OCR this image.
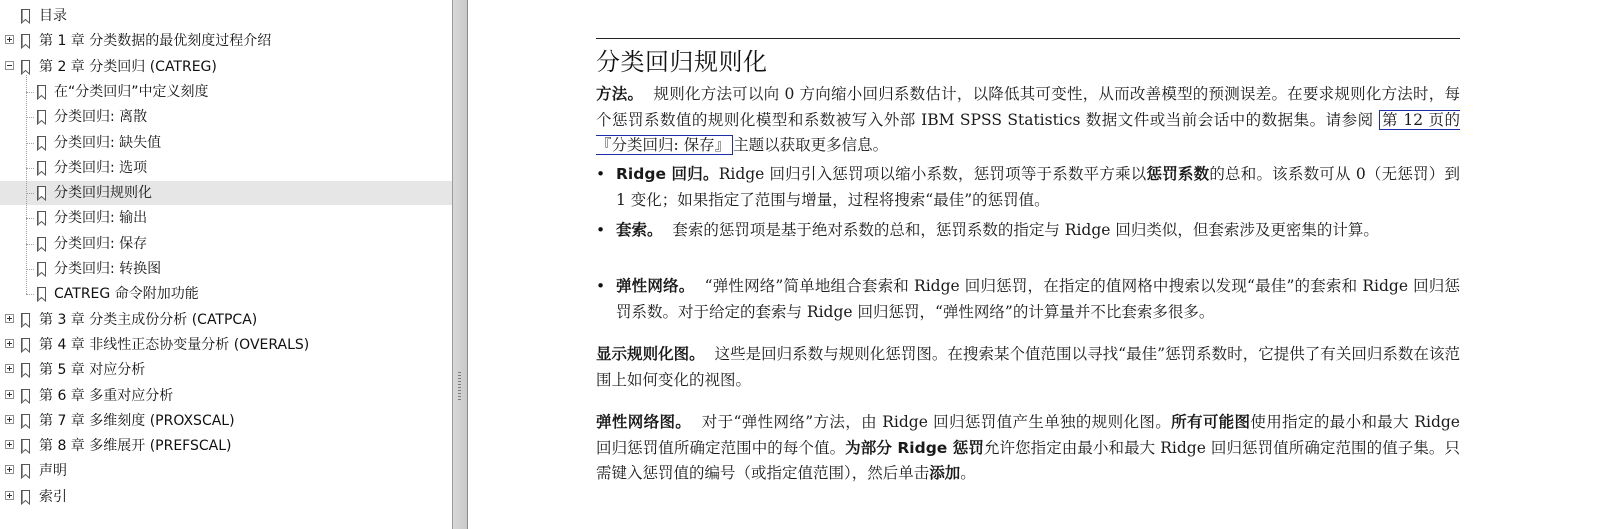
目录
第 1 章 分类数据的最优刻度过程介绍
第 2 章 分类回归 (CATREG)
在“分类回归”中定义刻度
分类回归: 离散
分类回归: 缺失值
分类回归: 选项
分类回归规则化
分类回归: 输出
分类回归: 保存
分类回归: 转换图
CATREG 命令附加功能
第 3 章 分类主成份分析 (CATPCA)
第 4 章 非线性正态协变量分析 (OVERALS)
第 5 章 对应分析
第 6 章 多重对应分析
第 7 章 多维刻度 (PROXSCAL)
第 8 章 多维展开 (PREFSCAL)
声明
索引
分类回归规则化
方法。 规则化方法可以向 0 方向缩小回归系数估计，以降低其可变性，从而改善模型的预测误差。在要求规则化方法时，每个惩罚系数值的规则化模型和系数被写入外部 IBM SPSS Statistics 数据文件或当前会话中的数据集。请参阅 第 12 页的『分类回归: 保存』 主题以获取更多信息。
• Ridge 回归。Ridge 回归引入惩罚项以缩小系数，惩罚项等于系数平方乘以惩罚系数的总和。该系数可从 0（无惩罚）到 1 变化；如果指定了范围与增量，过程将搜索“最佳”的惩罚值。
• 套索。 套索的惩罚项是基于绝对系数的总和，惩罚系数的指定与 Ridge 回归类似，但套索涉及更密集的计算。
• 弹性网络。 “弹性网络”简单地组合套索和 Ridge 回归惩罚，在指定的值网格中搜索以发现“最佳”的套索和 Ridge 回归惩罚系数。对于给定的套索与 Ridge 回归惩罚，“弹性网络”的计算量并不比套索多很多。
显示规则化图。 这些是回归系数与规则化惩罚图。在搜索某个值范围以寻找“最佳”惩罚系数时，它提供了有关回归系数在该范围上如何变化的视图。
弹性网络图。 对于“弹性网络”方法，由 Ridge 回归惩罚值产生单独的规则化图。所有可能图使用指定的最小和最大 Ridge 回归惩罚值所确定范围中的每个值。为部分 Ridge 惩罚允许您指定由最小和最大 Ridge 回归惩罚值所确定范围的值子集。只需键入惩罚值的编号（或指定值范围），然后单击添加。
